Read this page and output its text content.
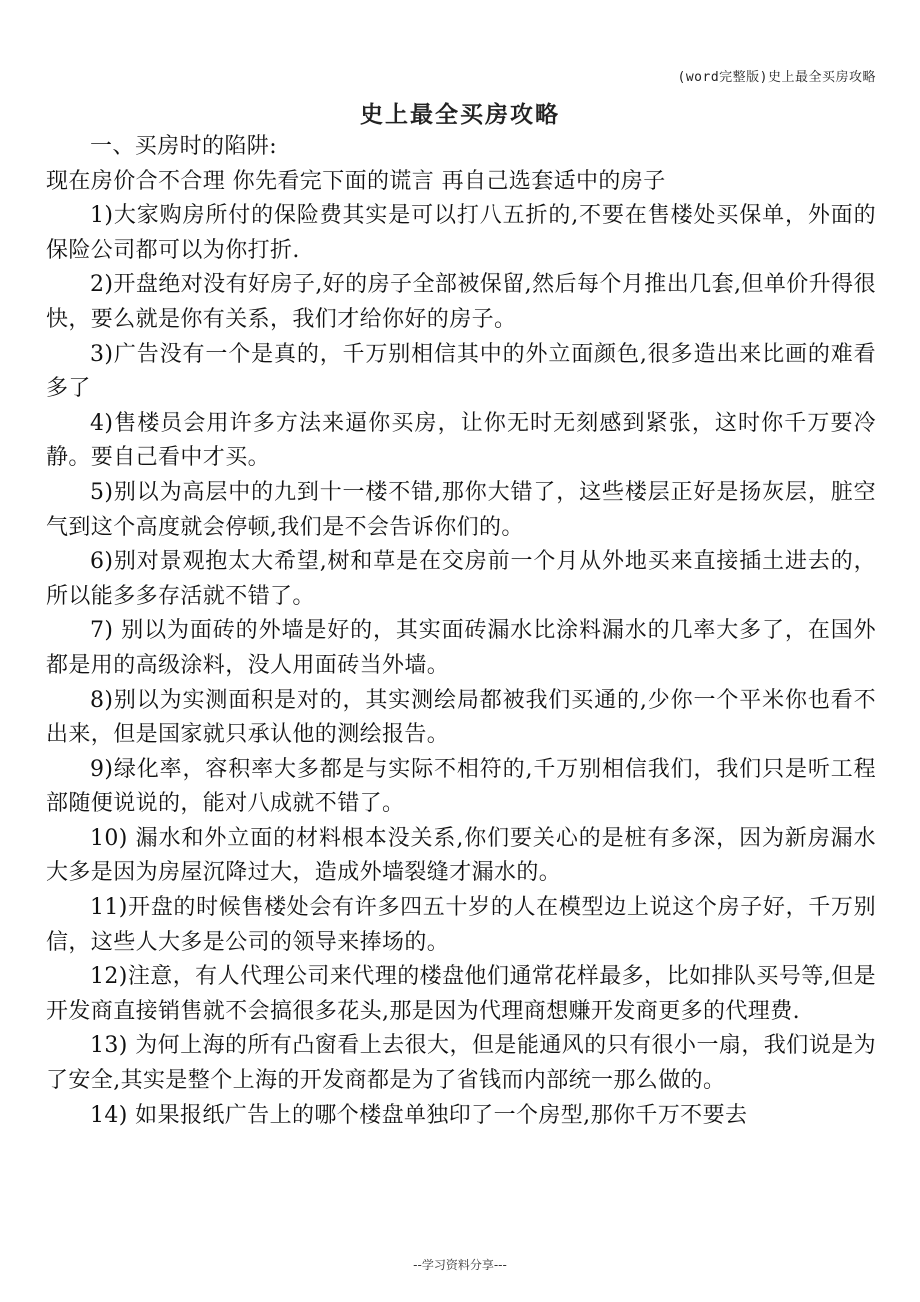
(word完整版)史上最全买房攻略
史上最全买房攻略

一、买房时的陷阱:

现在房价合不合理 你先看完下面的谎言 再自己选套适中的房子

1)大家购房所付的保险费其实是可以打八五折的,不要在售楼处买保单，外面的保险公司都可以为你打折.

2)开盘绝对没有好房子,好的房子全部被保留,然后每个月推出几套,但单价升得很快，要么就是你有关系，我们才给你好的房子。

3)广告没有一个是真的，千万别相信其中的外立面颜色,很多造出来比画的难看多了

4)售楼员会用许多方法来逼你买房，让你无时无刻感到紧张，这时你千万要冷静。要自己看中才买。

5)别以为高层中的九到十一楼不错,那你大错了，这些楼层正好是扬灰层，脏空气到这个高度就会停顿,我们是不会告诉你们的。

6)别对景观抱太大希望,树和草是在交房前一个月从外地买来直接插土进去的，所以能多多存活就不错了。

7) 别以为面砖的外墙是好的，其实面砖漏水比涂料漏水的几率大多了，在国外都是用的高级涂料，没人用面砖当外墙。

8)别以为实测面积是对的，其实测绘局都被我们买通的,少你一个平米你也看不出来，但是国家就只承认他的测绘报告。

9)绿化率，容积率大多都是与实际不相符的,千万别相信我们，我们只是听工程部随便说说的，能对八成就不错了。

10) 漏水和外立面的材料根本没关系,你们要关心的是桩有多深，因为新房漏水大多是因为房屋沉降过大，造成外墙裂缝才漏水的。

11)开盘的时候售楼处会有许多四五十岁的人在模型边上说这个房子好，千万别信，这些人大多是公司的领导来捧场的。

12)注意，有人代理公司来代理的楼盘他们通常花样最多，比如排队买号等,但是开发商直接销售就不会搞很多花头,那是因为代理商想赚开发商更多的代理费.

13) 为何上海的所有凸窗看上去很大，但是能通风的只有很小一扇，我们说是为了安全,其实是整个上海的开发商都是为了省钱而内部统一那么做的。

14) 如果报纸广告上的哪个楼盘单独印了一个房型,那你千万不要去

--学习资料分享---
